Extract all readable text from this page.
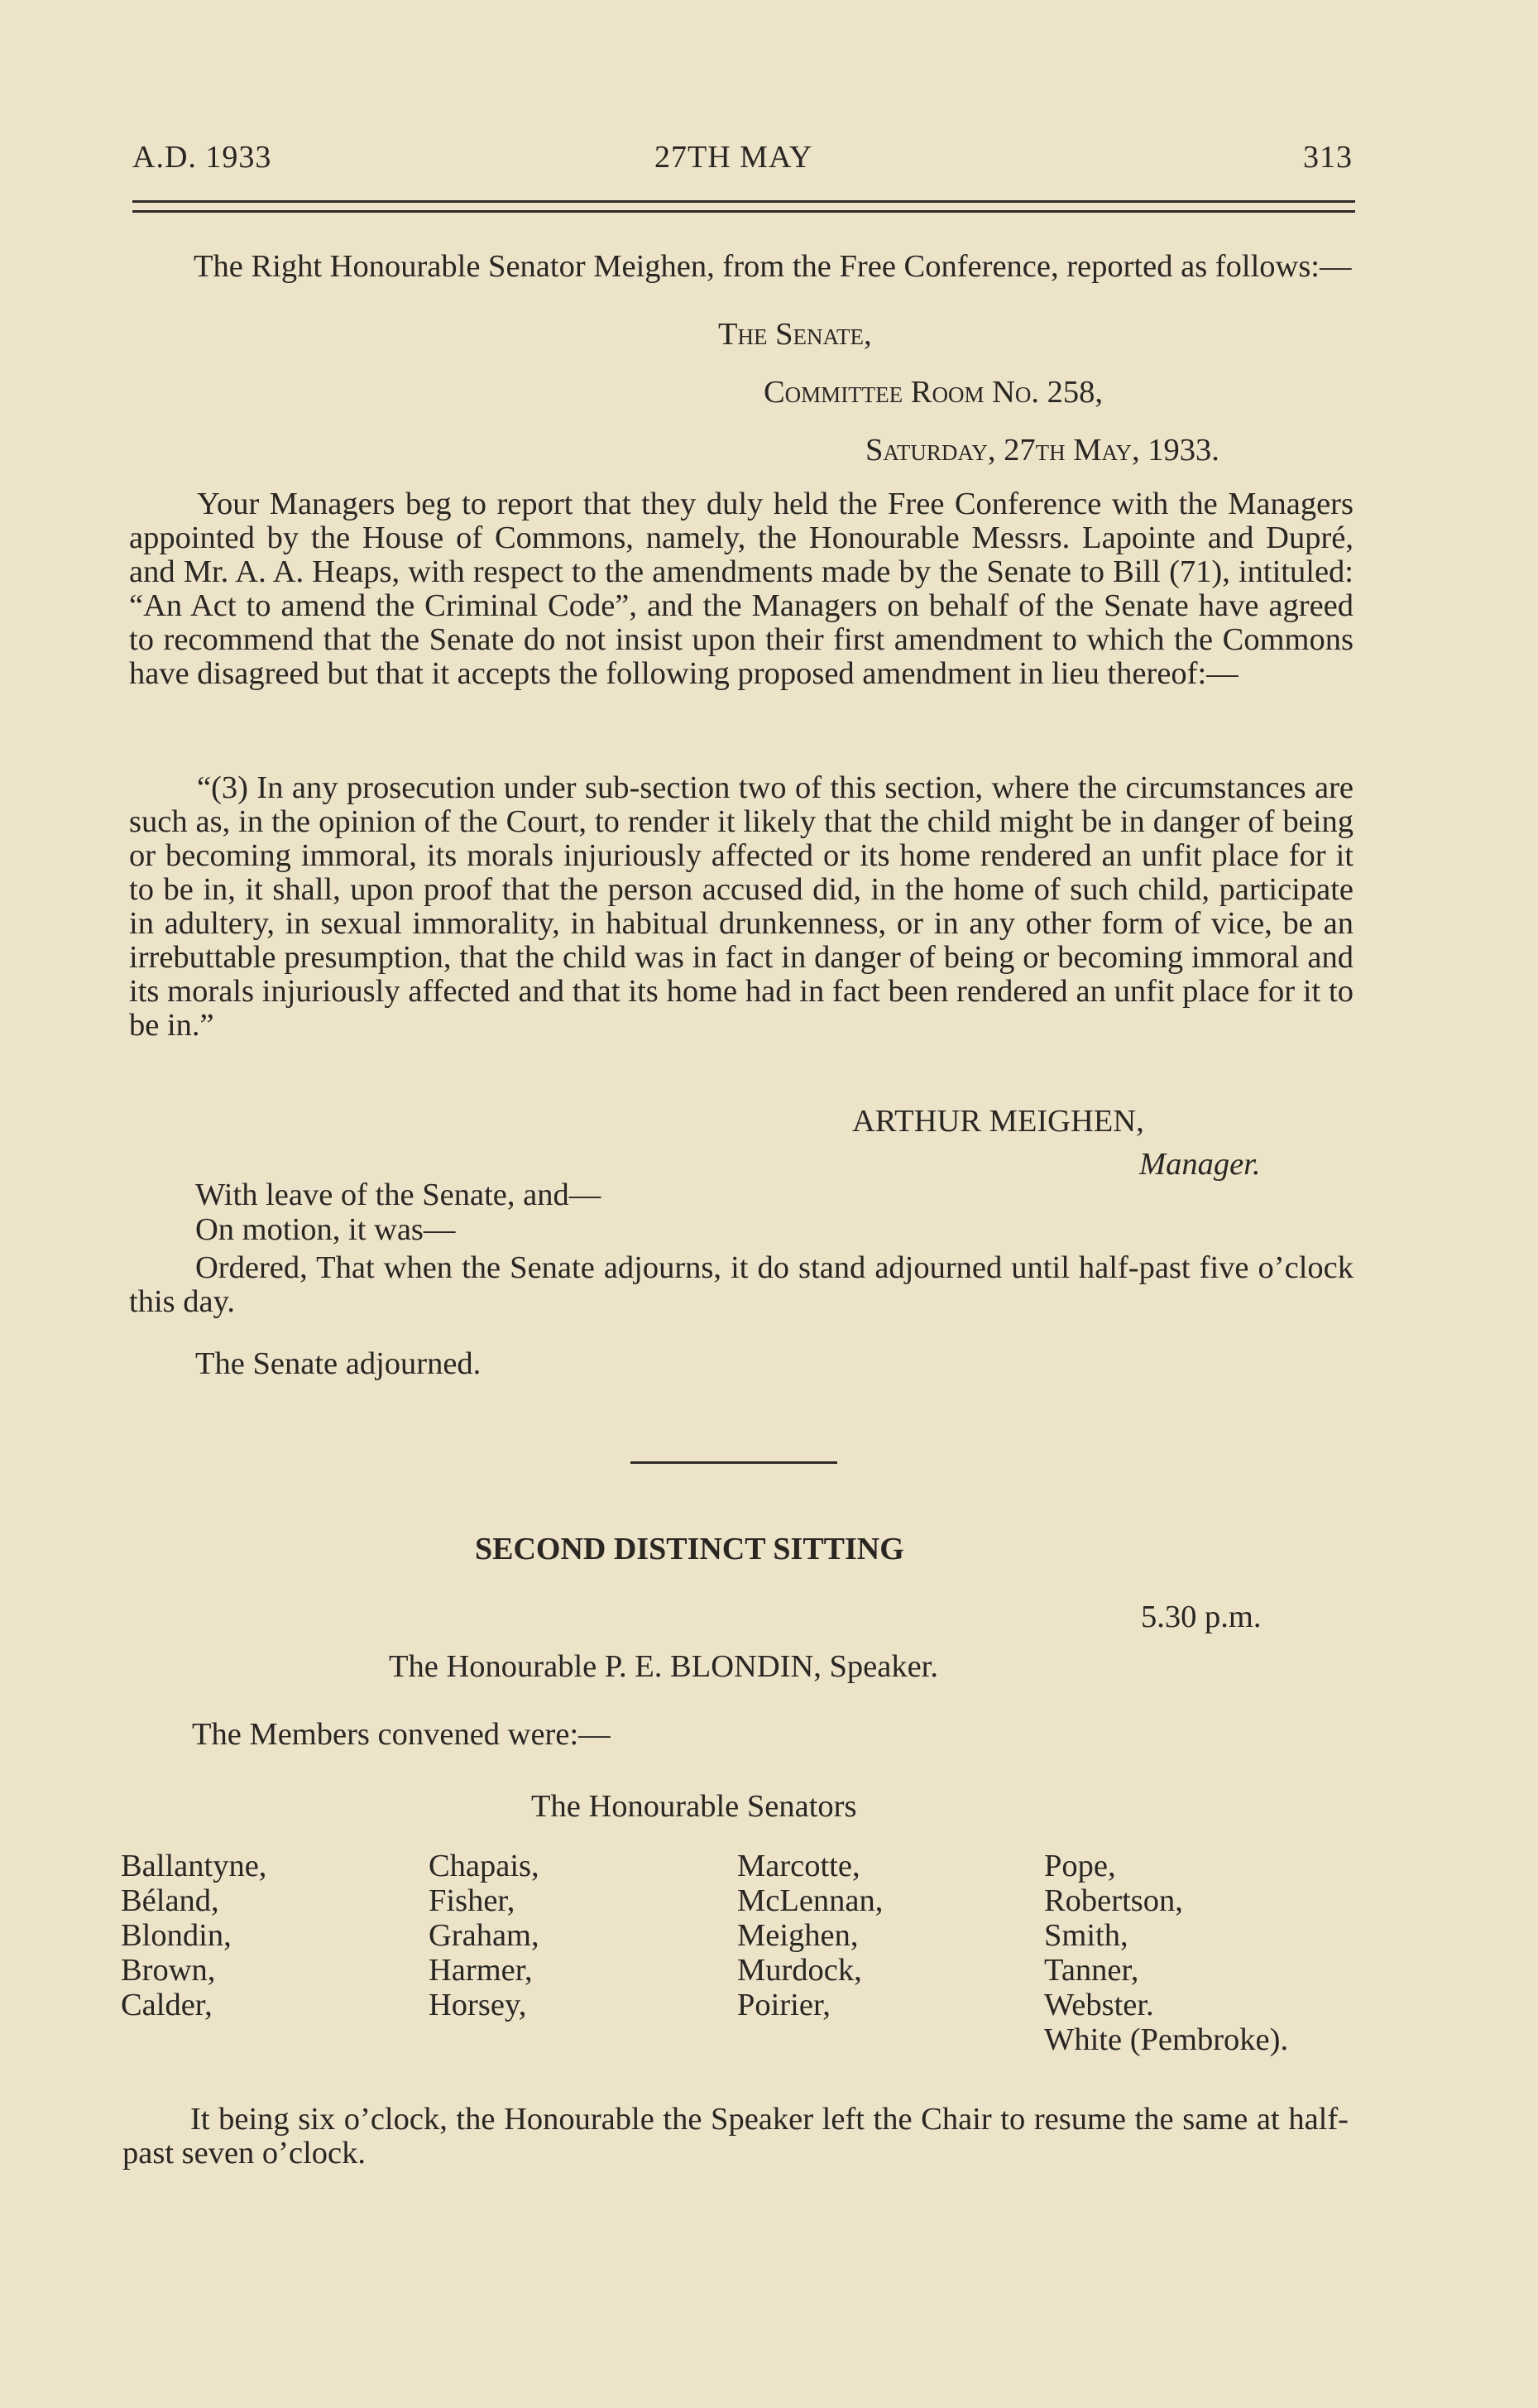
A.D. 1933	27TH MAY	313
The Right Honourable Senator Meighen, from the Free Conference, reported as follows:—
The Senate,
Committee Room No. 258,
Saturday, 27th May, 1933.
Your Managers beg to report that they duly held the Free Conference with the Managers appointed by the House of Commons, namely, the Honourable Messrs. Lapointe and Dupré, and Mr. A. A. Heaps, with respect to the amendments made by the Senate to Bill (71), intituled: “An Act to amend the Criminal Code”, and the Managers on behalf of the Senate have agreed to recommend that the Senate do not insist upon their first amendment to which the Commons have disagreed but that it accepts the following proposed amendment in lieu thereof:—
“(3) In any prosecution under sub-section two of this section, where the circumstances are such as, in the opinion of the Court, to render it likely that the child might be in danger of being or becoming immoral, its morals injuriously affected or its home rendered an unfit place for it to be in, it shall, upon proof that the person accused did, in the home of such child, participate in adultery, in sexual immorality, in habitual drunkenness, or in any other form of vice, be an irrebuttable presumption, that the child was in fact in danger of being or becoming immoral and its morals injuriously affected and that its home had in fact been rendered an unfit place for it to be in.”
ARTHUR MEIGHEN,
Manager.
With leave of the Senate, and—
On motion, it was—
Ordered, That when the Senate adjourns, it do stand adjourned until half-past five o’clock this day.
The Senate adjourned.
SECOND DISTINCT SITTING
5.30 p.m.
The Honourable P. E. BLONDIN, Speaker.
The Members convened were:—
The Honourable Senators
Ballantyne,
Béland,
Blondin,
Brown,
Calder,
Chapais,
Fisher,
Graham,
Harmer,
Horsey,
Marcotte,
McLennan,
Meighen,
Murdock,
Poirier,
Pope,
Robertson,
Smith,
Tanner,
Webster.
White (Pembroke).
It being six o’clock, the Honourable the Speaker left the Chair to resume the same at half-past seven o’clock.
